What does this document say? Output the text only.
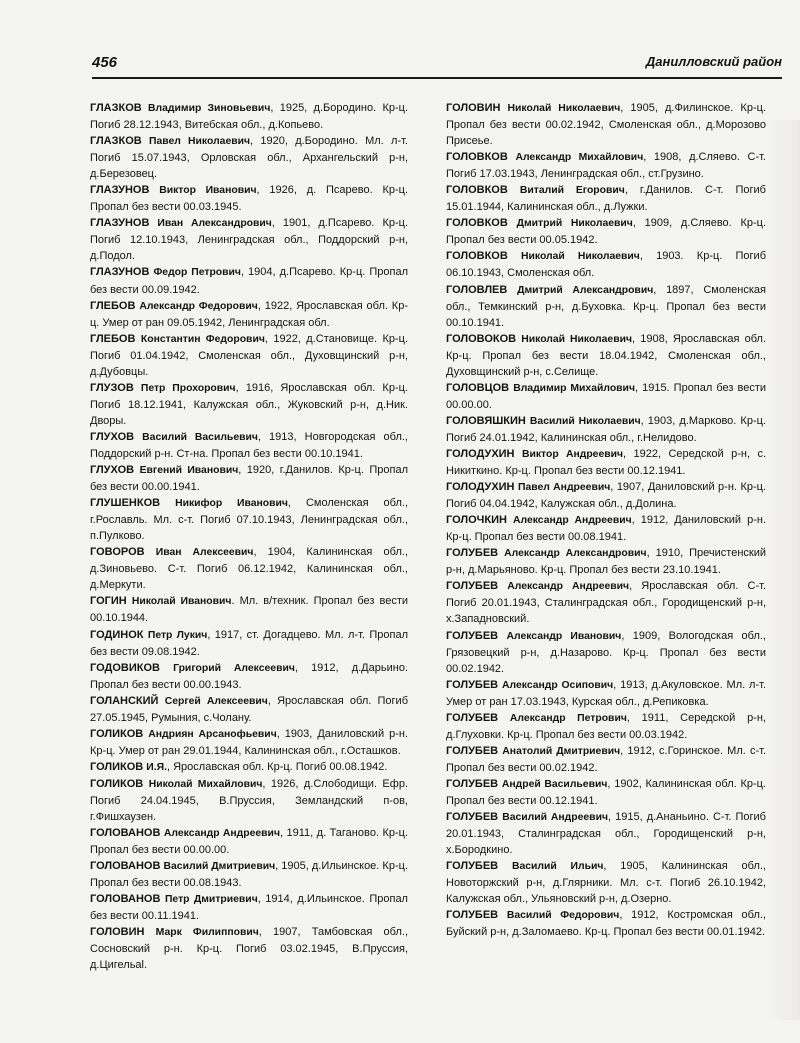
456	Данилловский район

ГЛАЗКОВ Владимир Зиновьевич, 1925, д.Бородино. Кр-ц. Погиб 28.12.1943, Витебская обл., д.Копьево.

ГЛАЗКОВ Павел Николаевич, 1920, д.Бородино. Мл. л-т. Погиб 15.07.1943, Орловская обл., Архангельский р-н, д.Березовец.

ГЛАЗУНОВ Виктор Иванович, 1926, д. Псарево. Кр-ц. Пропал без вести 00.03.1945.

ГЛАЗУНОВ Иван Александрович, 1901, д.Псарево. Кр-ц. Погиб 12.10.1943, Ленинградская обл., Поддорский р-н, д.Подол.

ГЛАЗУНОВ Федор Петрович, 1904, д.Псарево. Кр-ц. Пропал без вести 00.09.1942.

ГЛЕБОВ Александр Федорович, 1922, Ярославская обл. Кр-ц. Умер от ран 09.05.1942, Ленинградская обл.

ГЛЕБОВ Константин Федорович, 1922, д.Становище. Кр-ц. Погиб 01.04.1942, Смоленская обл., Духовщинский р-н, д.Дубовцы.

ГЛУЗОВ Петр Прохорович, 1916, Ярославская обл. Кр-ц. Погиб 18.12.1941, Калужская обл., Жуковский р-н, д.Ник. Дворы.

ГЛУХОВ Василий Васильевич, 1913, Новгородская обл., Поддорский р-н. Ст-на. Пропал без вести 00.10.1941.

ГЛУХОВ Евгений Иванович, 1920, г.Данилов. Кр-ц. Пропал без вести 00.00.1941.

ГЛУШЕНКОВ Никифор Иванович, Смоленская обл., г.Рославль. Мл. с-т. Погиб 07.10.1943, Ленинградская обл., п.Пулково.

ГОВОРОВ Иван Алексеевич, 1904, Калининская обл., д.Зиновьево. С-т. Погиб 06.12.1942, Калининская обл., д.Меркути.

ГОГИН Николай Иванович. Мл. в/техник. Пропал без вести 00.10.1944.

ГОДИНОК Петр Лукич, 1917, ст. Догадцево. Мл. л-т. Пропал без вести 09.08.1942.

ГОДОВИКОВ Григорий Алексеевич, 1912, д.Дарьино. Пропал без вести 00.00.1943.

ГОЛАНСКИЙ Сергей Алексеевич, Ярославская обл. Погиб 27.05.1945, Румыния, с.Чолану.

ГОЛИКОВ Андриян Арсанофьевич, 1903, Даниловский р-н. Кр-ц. Умер от ран 29.01.1944, Калининская обл., г.Осташков.

ГОЛИКОВ И.Я., Ярославская обл. Кр-ц. Погиб 00.08.1942.

ГОЛИКОВ Николай Михайлович, 1926, д.Слободищи. Ефр. Погиб 24.04.1945, В.Пруссия, Земландский п-ов, г.Фишхаузен.

ГОЛОВАНОВ Александр Андреевич, 1911, д. Тагановo. Кр-ц. Пропал без вести 00.00.00.

ГОЛОВАНОВ Василий Дмитриевич, 1905, д.Ильинское. Кр-ц. Пропал без вести 00.08.1943.

ГОЛОВАНОВ Петр Дмитриевич, 1914, д.Ильинское. Пропал без вести 00.11.1941.

ГОЛОВИН Марк Филиппович, 1907, Тамбовская обл., Сосновский р-н. Кр-ц. Погиб 03.02.1945, В.Пруссия, д.Цигельаl.

ГОЛОВИН Николай Николаевич, 1905, д.Филинское. Кр-ц. Пропал без вести 00.02.1942, Смоленская обл., д.Морозово Присеье.

ГОЛОВКОВ Александр Михайлович, 1908, д.Сляево. С-т. Погиб 17.03.1943, Ленинградская обл., ст.Грузино.

ГОЛОВКОВ Виталий Егорович, г.Данилов. С-т. Погиб 15.01.1944, Калининская обл., д.Лужки.

ГОЛОВКОВ Дмитрий Николаевич, 1909, д.Сляево. Кр-ц. Пропал без вести 00.05.1942.

ГОЛОВКОВ Николай Николаевич, 1903. Кр-ц. Погиб 06.10.1943, Смоленская обл.

ГОЛОВЛЕВ Дмитрий Александрович, 1897, Смоленская обл., Темкинский р-н, д.Буховка. Кр-ц. Пропал без вести 00.10.1941.

ГОЛОВОКОВ Николай Николаевич, 1908, Ярославская обл. Кр-ц. Пропал без вести 18.04.1942, Смоленская обл., Духовщинский р-н, с.Селище.

ГОЛОВЦОВ Владимир Михайлович, 1915. Пропал без вести 00.00.00.

ГОЛОВЯШКИН Василий Николаевич, 1903, д.Марково. Кр-ц. Погиб 24.01.1942, Калининская обл., г.Нелидово.

ГОЛОДУХИН Виктор Андреевич, 1922, Середской р-н, с. Никиткино. Кр-ц. Пропал без вести 00.12.1941.

ГОЛОДУХИН Павел Андреевич, 1907, Даниловский р-н. Кр-ц. Погиб 04.04.1942, Калужская обл., д.Долина.

ГОЛОЧКИН Александр Андреевич, 1912, Даниловский р-н. Кр-ц. Пропал без вести 00.08.1941.

ГОЛУБЕВ Александр Александрович, 1910, Пречистенский р-н, д.Марьяново. Кр-ц. Пропал без вести 23.10.1941.

ГОЛУБЕВ Александр Андреевич, Ярославская обл. С-т. Погиб 20.01.1943, Сталинградская обл., Городищенский р-н, х.Западновский.

ГОЛУБЕВ Александр Иванович, 1909, Вологодская обл., Грязовецкий р-н, д.Назарово. Кр-ц. Пропал без вести 00.02.1942.

ГОЛУБЕВ Александр Осипович, 1913, д.Акуловское. Мл. л-т. Умер от ран 17.03.1943, Курская обл., д.Репиковка.

ГОЛУБЕВ Александр Петрович, 1911, Середской р-н, д.Глуховки. Кр-ц. Пропал без вести 00.03.1942.

ГОЛУБЕВ Анатолий Дмитриевич, 1912, с.Горинское. Мл. с-т. Пропал без вести 00.02.1942.

ГОЛУБЕВ Андрей Васильевич, 1902, Калининская обл. Кр-ц. Пропал без вести 00.12.1941.

ГОЛУБЕВ Василий Андреевич, 1915, д.Ананьино. С-т. Погиб 20.01.1943, Сталинградская обл., Городищенский р-н, х.Бородкино.

ГОЛУБЕВ Василий Ильич, 1905, Калининская обл., Новоторжский р-н, д.Глярники. Мл. с-т. Погиб 26.10.1942, Калужская обл., Ульяновский р-н, д.Озерно.

ГОЛУБЕВ Василий Федорович, 1912, Костромская обл., Буйский р-н, д.Заломаево. Кр-ц. Пропал без вести 00.01.1942.
